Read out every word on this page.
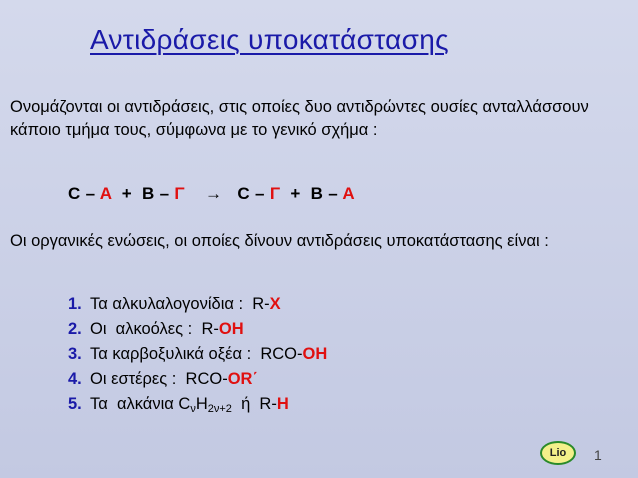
Αντιδράσεις υποκατάστασης
Ονομάζονται οι αντιδράσεις, στις οποίες δυο αντιδρώντες ουσίες ανταλλάσσουν κάποιο τμήμα τους, σύμφωνα με το γενικό σχήμα :
C – A  +  B – Γ → C – Γ  +  B – A
Οι οργανικές ενώσεις, οι οποίες δίνουν αντιδράσεις υποκατάστασης είναι :
1. Τα αλκυλαλογονίδια :  R-X
2. Οι  αλκοόλες :  R-OH
3. Τα καρβοξυλικά οξέα :  RCO-OH
4. Οι εστέρες :  RCO-OR΄
5. Τα  αλκάνια $C_\nu H_{2\nu+2}$  ή  R-H
Lio	1
